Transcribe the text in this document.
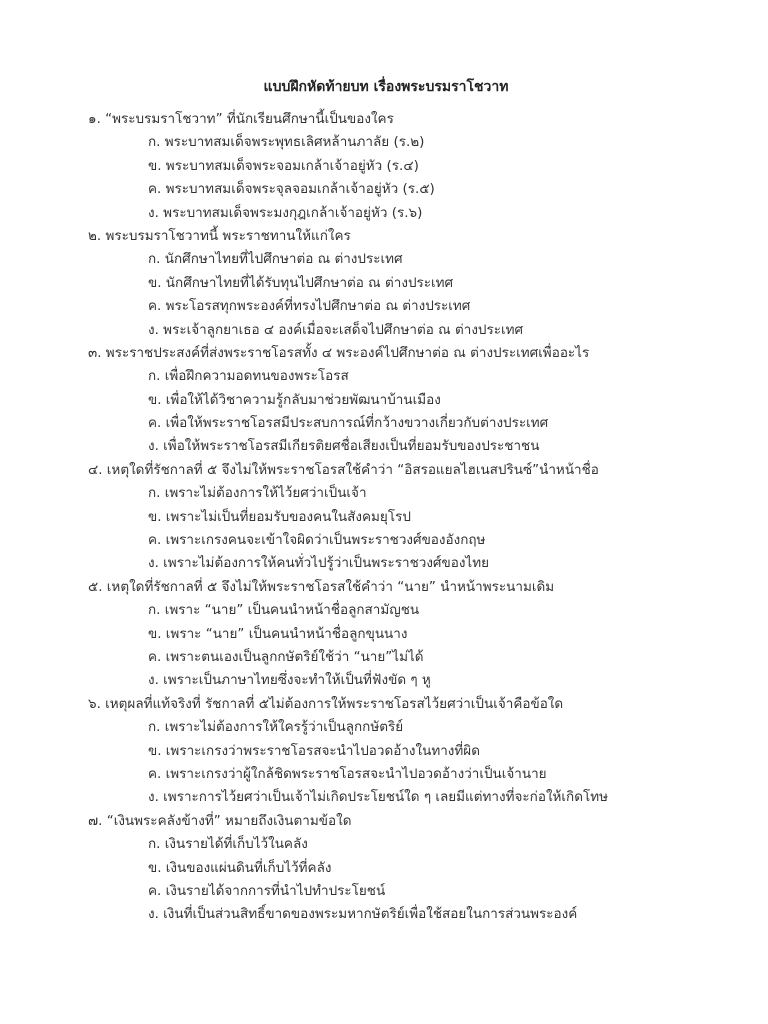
แบบฝึกหัดท้ายบท เรื่องพระบรมราโชวาท
๑. “พระบรมราโชวาท” ที่นักเรียนศึกษานี้เป็นของใคร
ก. พระบาทสมเด็จพระพุทธเลิศหล้านภาลัย (ร.๒)
ข. พระบาทสมเด็จพระจอมเกล้าเจ้าอยู่หัว (ร.๔)
ค. พระบาทสมเด็จพระจุลจอมเกล้าเจ้าอยู่หัว (ร.๕)
ง. พระบาทสมเด็จพระมงกุฎเกล้าเจ้าอยู่หัว (ร.๖)
๒. พระบรมราโชวาทนี้ พระราชทานให้แก่ใคร
ก. นักศึกษาไทยที่ไปศึกษาต่อ ณ ต่างประเทศ
ข. นักศึกษาไทยที่ได้รับทุนไปศึกษาต่อ ณ ต่างประเทศ
ค. พระโอรสทุกพระองค์ที่ทรงไปศึกษาต่อ ณ ต่างประเทศ
ง. พระเจ้าลูกยาเธอ ๔ องค์เมื่อจะเสด็จไปศึกษาต่อ ณ ต่างประเทศ
๓. พระราชประสงค์ที่ส่งพระราชโอรสทั้ง ๔ พระองค์ไปศึกษาต่อ ณ ต่างประเทศเพื่ออะไร
ก. เพื่อฝึกความอดทนของพระโอรส
ข. เพื่อให้ได้วิชาความรู้กลับมาช่วยพัฒนาบ้านเมือง
ค. เพื่อให้พระราชโอรสมีประสบการณ์ที่กว้างขวางเกี่ยวกับต่างประเทศ
ง. เพื่อให้พระราชโอรสมีเกียรติยศชื่อเสียงเป็นที่ยอมรับของประชาชน
๔. เหตุใดที่รัชกาลที่ ๕ จึงไม่ให้พระราชโอรสใช้คำว่า “อิสรอแยลไฮเนสปรินซ์”นำหน้าชื่อ
ก. เพราะไม่ต้องการให้ไว้ยศว่าเป็นเจ้า
ข. เพราะไม่เป็นที่ยอมรับของคนในสังคมยุโรป
ค. เพราะเกรงคนจะเข้าใจผิดว่าเป็นพระราชวงศ์ของอังกฤษ
ง. เพราะไม่ต้องการให้คนทั่วไปรู้ว่าเป็นพระราชวงศ์ของไทย
๕. เหตุใดที่รัชกาลที่ ๕ จึงไม่ให้พระราชโอรสใช้คำว่า “นาย” นำหน้าพระนามเดิม
ก. เพราะ “นาย” เป็นคนนำหน้าชื่อลูกสามัญชน
ข. เพราะ “นาย” เป็นคนนำหน้าชื่อลูกขุนนาง
ค. เพราะตนเองเป็นลูกกษัตริย์ใช้ว่า “นาย”ไม่ได้
ง. เพราะเป็นภาษาไทยซึ่งจะทำให้เป็นที่ฟังขัด ๆ หู
๖. เหตุผลที่แท้จริงที่ รัชกาลที่ ๕ไม่ต้องการให้พระราชโอรสไว้ยศว่าเป็นเจ้าคือข้อใด
ก. เพราะไม่ต้องการให้ใครรู้ว่าเป็นลูกกษัตริย์
ข. เพราะเกรงว่าพระราชโอรสจะนำไปอวดอ้างในทางที่ผิด
ค. เพราะเกรงว่าผู้ใกล้ชิดพระราชโอรสจะนำไปอวดอ้างว่าเป็นเจ้านาย
ง. เพราะการไว้ยศว่าเป็นเจ้าไม่เกิดประโยชน์ใด ๆ เลยมีแต่ทางที่จะก่อให้เกิดโทษ
๗. “เงินพระคลังข้างที่” หมายถึงเงินตามข้อใด
ก. เงินรายได้ที่เก็บไว้ในคลัง
ข. เงินของแผ่นดินที่เก็บไว้ที่คลัง
ค. เงินรายได้จากการที่นำไปทำประโยชน์
ง. เงินที่เป็นส่วนสิทธิ์ขาดของพระมหากษัตริย์เพื่อใช้สอยในการส่วนพระองค์
